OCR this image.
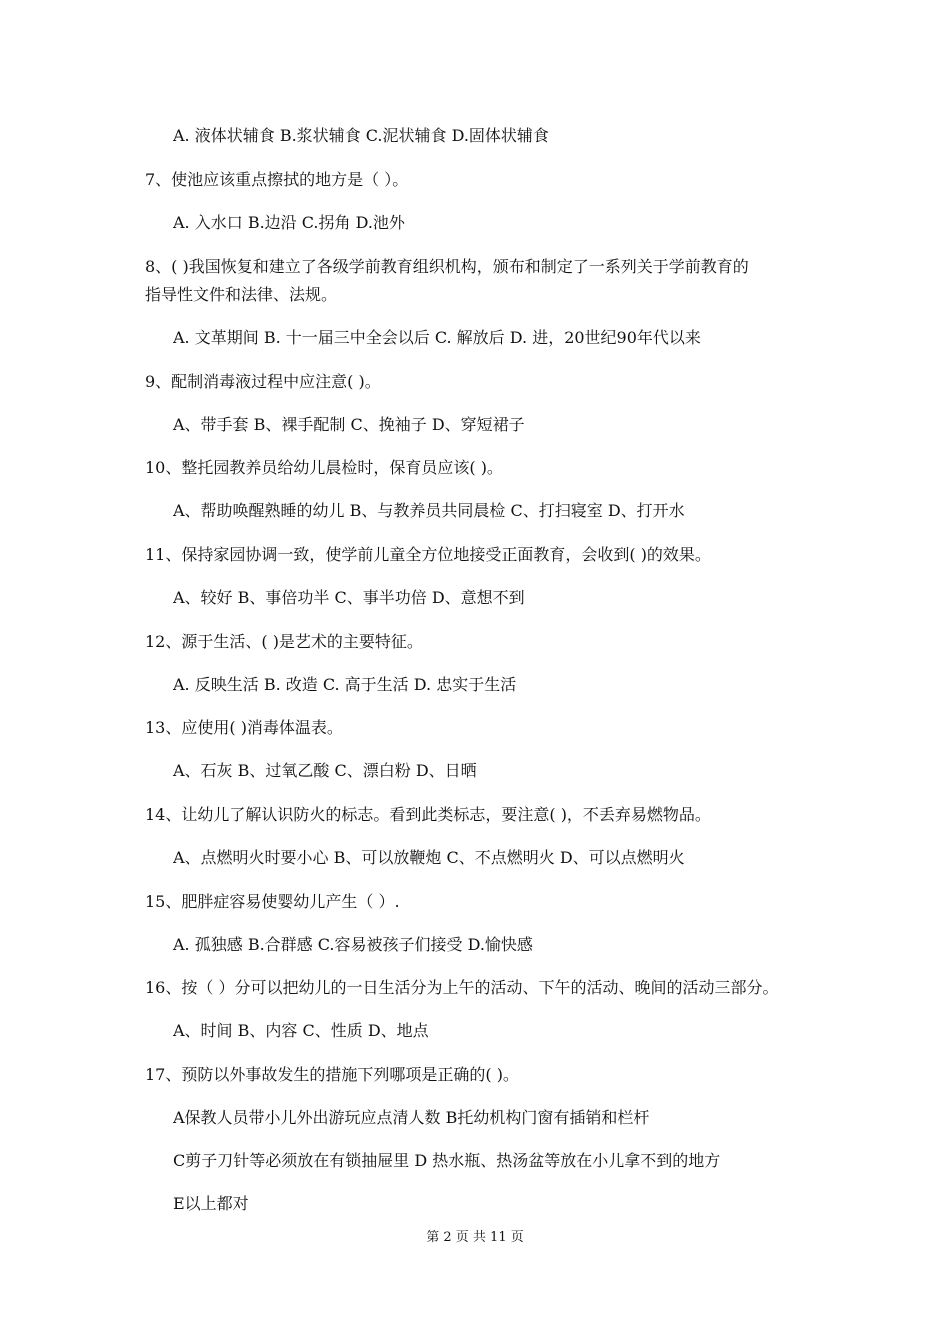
A. 液体状辅食 B.浆状辅食 C.泥状辅食 D.固体状辅食
7、使池应该重点擦拭的地方是（ ）。
A. 入水口 B.边沿 C.拐角 D.池外
8、( )我国恢复和建立了各级学前教育组织机构，颁布和制定了一系列关于学前教育的
指导性文件和法律、法规。
A. 文革期间 B. 十一届三中全会以后 C. 解放后 D. 进，20世纪90年代以来
9、配制消毒液过程中应注意( )。
A、带手套 B、裸手配制 C、挽袖子 D、穿短裙子
10、整托园教养员给幼儿晨检时，保育员应该( )。
A、帮助唤醒熟睡的幼儿 B、与教养员共同晨检 C、打扫寝室 D、打开水
11、保持家园协调一致，使学前儿童全方位地接受正面教育，会收到( )的效果。
A、较好 B、事倍功半 C、事半功倍 D、意想不到
12、源于生活、( )是艺术的主要特征。
A. 反映生活 B. 改造 C. 高于生活 D. 忠实于生活
13、应使用( )消毒体温表。
A、石灰 B、过氧乙酸 C、漂白粉 D、日晒
14、让幼儿了解认识防火的标志。看到此类标志，要注意( )，不丢弃易燃物品。
A、点燃明火时要小心 B、可以放鞭炮 C、不点燃明火 D、可以点燃明火
15、肥胖症容易使婴幼儿产生（ ）.
A. 孤独感 B.合群感 C.容易被孩子们接受 D.愉快感
16、按（ ）分可以把幼儿的一日生活分为上午的活动、下午的活动、晚间的活动三部分。
A、时间 B、内容 C、性质 D、地点
17、预防以外事故发生的措施下列哪项是正确的( )。
A保教人员带小儿外出游玩应点清人数 B托幼机构门窗有插销和栏杆
C剪子刀针等必须放在有锁抽屉里 D 热水瓶、热汤盆等放在小儿拿不到的地方
E以上都对
第 2 页 共 11 页
